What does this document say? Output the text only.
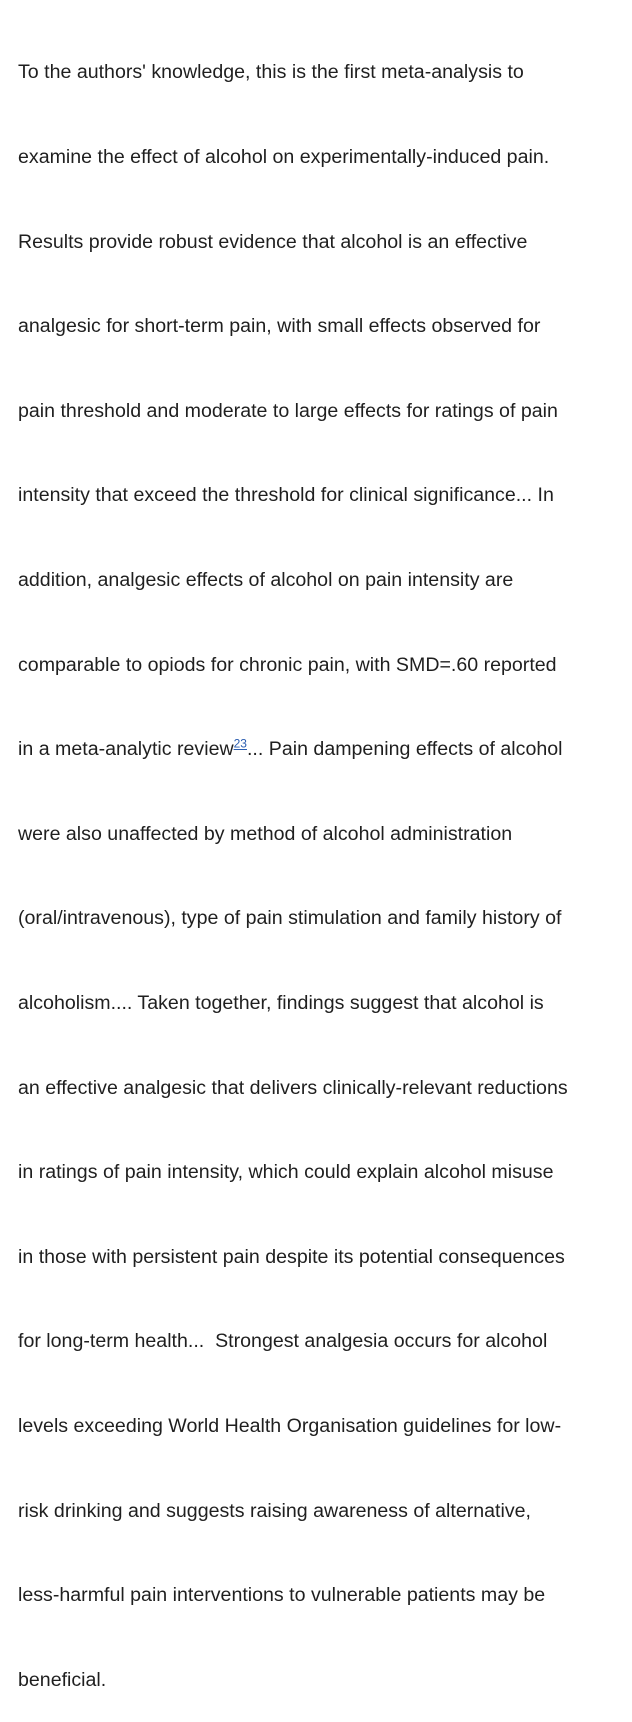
To the authors' knowledge, this is the first meta-analysis to

examine the effect of alcohol on experimentally-induced pain.

Results provide robust evidence that alcohol is an effective

analgesic for short-term pain, with small effects observed for

pain threshold and moderate to large effects for ratings of pain

intensity that exceed the threshold for clinical significance... In

addition, analgesic effects of alcohol on pain intensity are

comparable to opiods for chronic pain, with SMD=.60 reported

in a meta-analytic review$^{23}$... Pain dampening effects of alcohol

were also unaffected by method of alcohol administration

(oral/intravenous), type of pain stimulation and family history of

alcoholism.... Taken together, findings suggest that alcohol is

an effective analgesic that delivers clinically-relevant reductions

in ratings of pain intensity, which could explain alcohol misuse

in those with persistent pain despite its potential consequences

for long-term health...  Strongest analgesia occurs for alcohol

levels exceeding World Health Organisation guidelines for low-

risk drinking and suggests raising awareness of alternative,

less-harmful pain interventions to vulnerable patients may be

beneficial.
